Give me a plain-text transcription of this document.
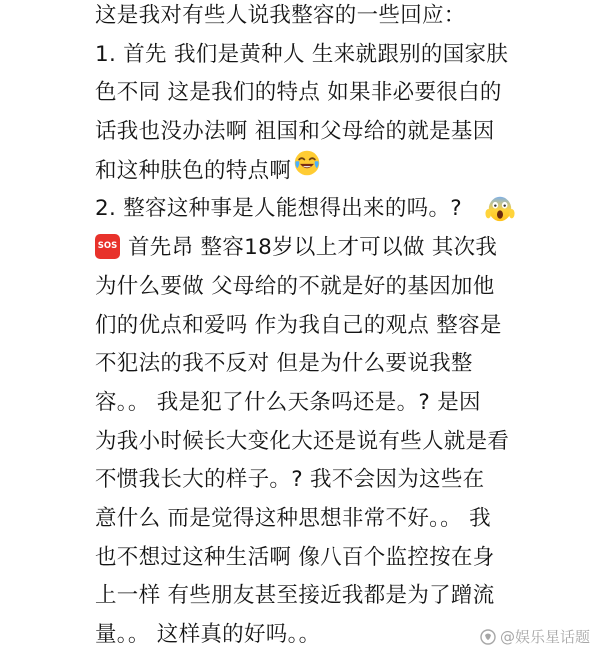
这是我对有些人说我整容的一些回应：
1. 首先 我们是黄种人 生来就跟别的国家肤
色不同 这是我们的特点 如果非必要很白的
话我也没办法啊 祖国和父母给的就是基因
和这种肤色的特点啊
2. 整容这种事是人能想得出来的吗。?
SOS 首先昂 整容18岁以上才可以做 其次我
为什么要做 父母给的不就是好的基因加他
们的优点和爱吗 作为我自己的观点 整容是
不犯法的我不反对 但是为什么要说我整
容。。 我是犯了什么天条吗还是。? 是因
为我小时候长大变化大还是说有些人就是看
不惯我长大的样子。? 我不会因为这些在
意什么 而是觉得这种思想非常不好。。 我
也不想过这种生活啊 像八百个监控按在身
上一样 有些朋友甚至接近我都是为了蹭流
量。。 这样真的好吗。。	@娱乐星话题
